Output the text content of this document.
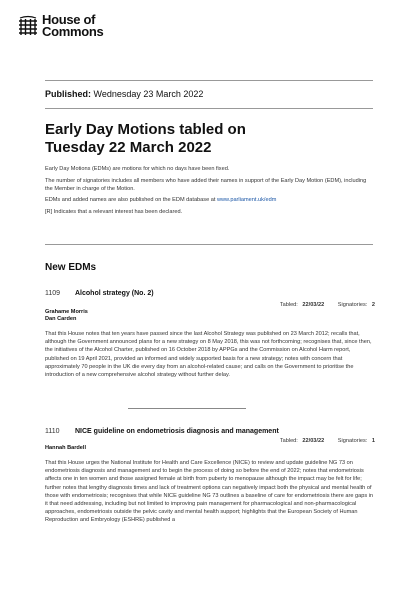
House of
Commons
Published: Wednesday 23 March 2022
Early Day Motions tabled on
Tuesday 22 March 2022

Early Day Motions (EDMs) are motions for which no days have been fixed.

The number of signatories includes all members who have added their names in support of the Early Day Motion (EDM), including the Member in charge of the Motion.

EDMs and added names are also published on the EDM database at www.parliament.uk/edm

[R] Indicates that a relevant interest has been declared.

New EDMs
1109	Alcohol strategy (No. 2)
Tabled: 22/03/22 Signatories: 2
Grahame Morris
Dan Carden
That this House notes that ten years have passed since the last Alcohol Strategy was published on 23 March 2012; recalls that, although the Government announced plans for a new strategy on 8 May 2018, this was not forthcoming; recognises that, since then, the initiatives of the Alcohol Charter, published on 16 October 2018 by APPGs and the Commission on Alcohol Harm report, published on 19 April 2021, provided an informed and widely supported basis for a new strategy; notes with concern that approximately 70 people in the UK die every day from an alcohol-related cause; and calls on the Government to prioritise the introduction of a new comprehensive alcohol strategy without further delay.
1110	NICE guideline on endometriosis diagnosis and management
Tabled: 22/03/22 Signatories: 1
Hannah Bardell
That this House urges the National Institute for Health and Care Excellence (NICE) to review and update guideline NG 73 on endometriosis diagnosis and management and to begin the process of doing so before the end of 2022; notes that endometriosis affects one in ten women and those assigned female at birth from puberty to menopause although the impact may be felt for life; further notes that lengthy diagnosis times and lack of treatment options can negatively impact both the physical and mental health of those with endometriosis; recognises that while NICE guideline NG 73 outlines a baseline of care for endometriosis there are gaps in it that need addressing, including but not limited to improving pain management for pharmacological and non-pharmacological approaches, endometriosis outside the pelvic cavity and mental health support; highlights that the European Society of Human Reproduction and Embryology (ESHRE) published a
